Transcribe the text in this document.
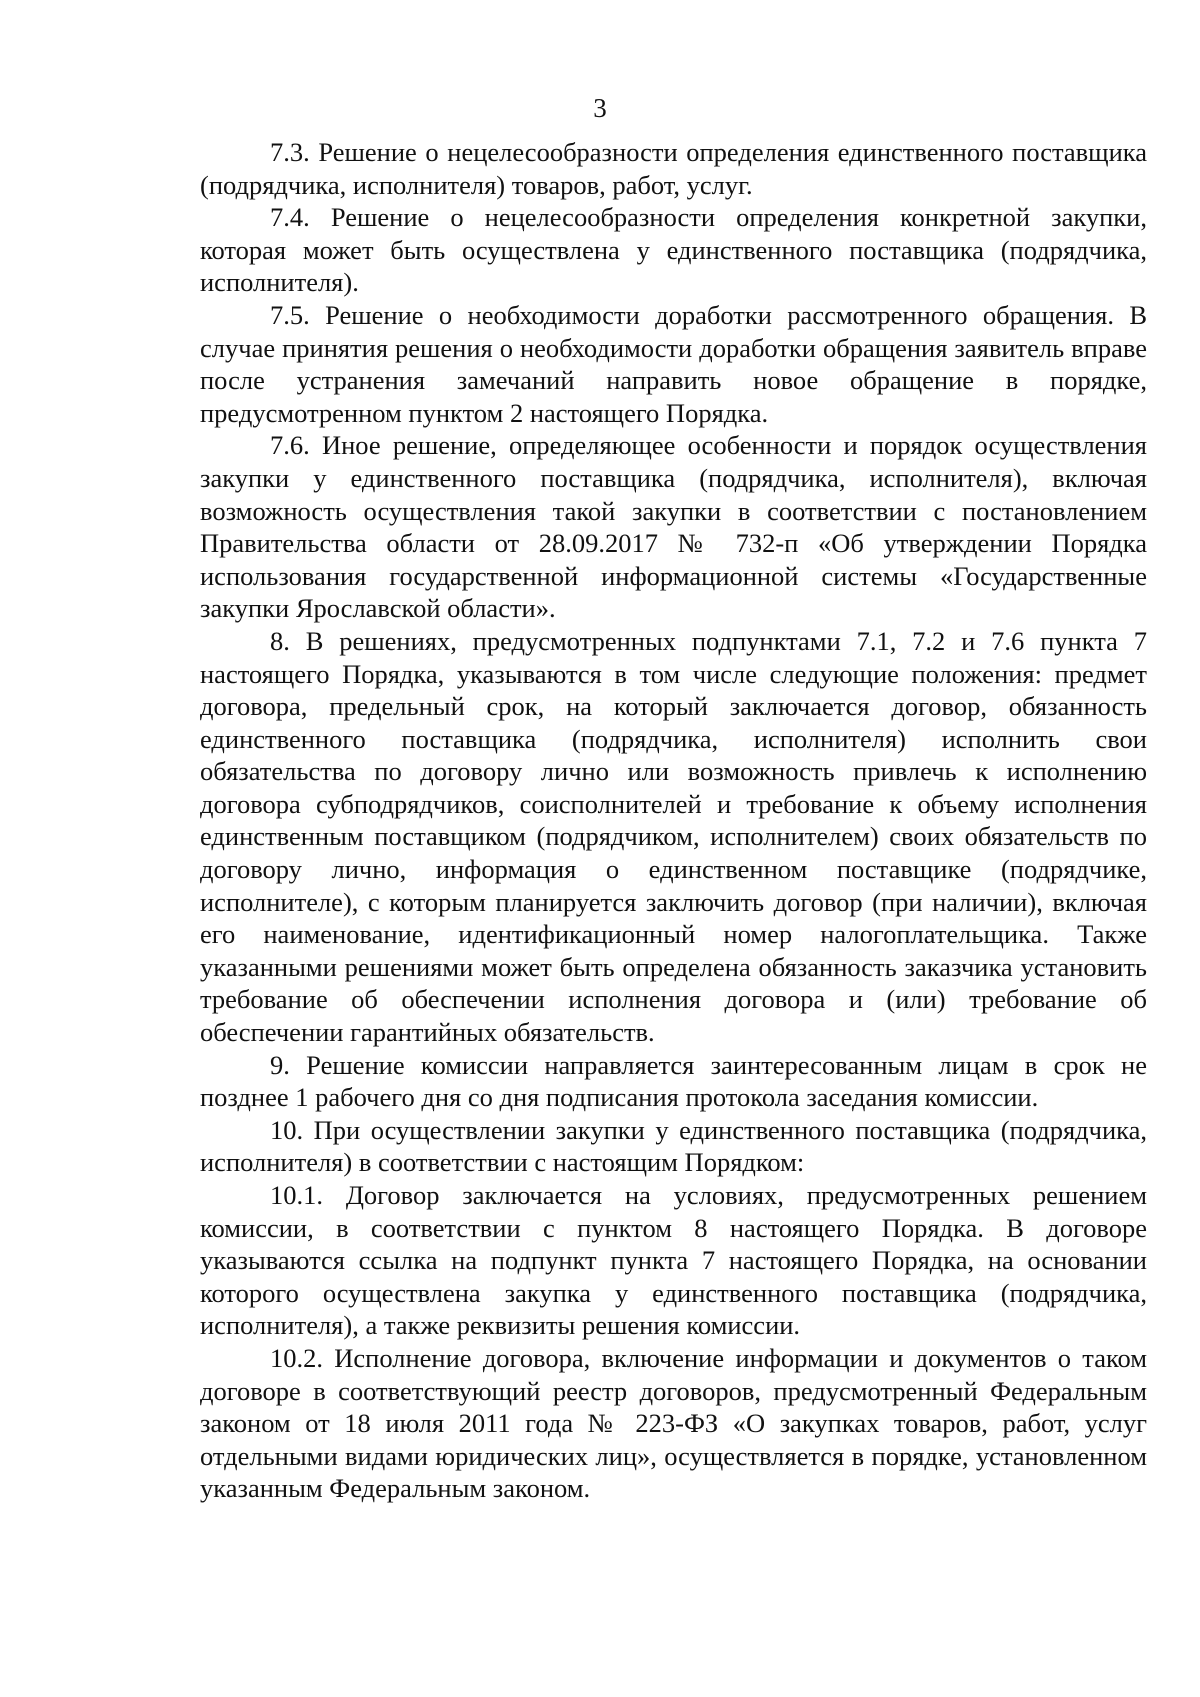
3

7.3. Решение о нецелесообразности определения единственного поставщика (подрядчика, исполнителя) товаров, работ, услуг.

7.4. Решение о нецелесообразности определения конкретной закупки, которая может быть осуществлена у единственного поставщика (подрядчика, исполнителя).

7.5. Решение о необходимости доработки рассмотренного обращения. В случае принятия решения о необходимости доработки обращения заявитель вправе после устранения замечаний направить новое обращение в порядке, предусмотренном пунктом 2 настоящего Порядка.

7.6. Иное решение, определяющее особенности и порядок осуществления закупки у единственного поставщика (подрядчика, исполнителя), включая возможность осуществления такой закупки в соответствии с постановлением Правительства области от 28.09.2017 № 732-п «Об утверждении Порядка использования государственной информационной системы «Государственные закупки Ярославской области».

8. В решениях, предусмотренных подпунктами 7.1, 7.2 и 7.6 пункта 7 настоящего Порядка, указываются в том числе следующие положения: предмет договора, предельный срок, на который заключается договор, обязанность единственного поставщика (подрядчика, исполнителя) исполнить свои обязательства по договору лично или возможность привлечь к исполнению договора субподрядчиков, соисполнителей и требование к объему исполнения единственным поставщиком (подрядчиком, исполнителем) своих обязательств по договору лично, информация о единственном поставщике (подрядчике, исполнителе), с которым планируется заключить договор (при наличии), включая его наименование, идентификационный номер налогоплательщика. Также указанными решениями может быть определена обязанность заказчика установить требование об обеспечении исполнения договора и (или) требование об обеспечении гарантийных обязательств.

9. Решение комиссии направляется заинтересованным лицам в срок не позднее 1 рабочего дня со дня подписания протокола заседания комиссии.

10. При осуществлении закупки у единственного поставщика (подрядчика, исполнителя) в соответствии с настоящим Порядком:

10.1. Договор заключается на условиях, предусмотренных решением комиссии, в соответствии с пунктом 8 настоящего Порядка. В договоре указываются ссылка на подпункт пункта 7 настоящего Порядка, на основании которого осуществлена закупка у единственного поставщика (подрядчика, исполнителя), а также реквизиты решения комиссии.

10.2. Исполнение договора, включение информации и документов о таком договоре в соответствующий реестр договоров, предусмотренный Федеральным законом от 18 июля 2011 года № 223-ФЗ «О закупках товаров, работ, услуг отдельными видами юридических лиц», осуществляется в порядке, установленном указанным Федеральным законом.
